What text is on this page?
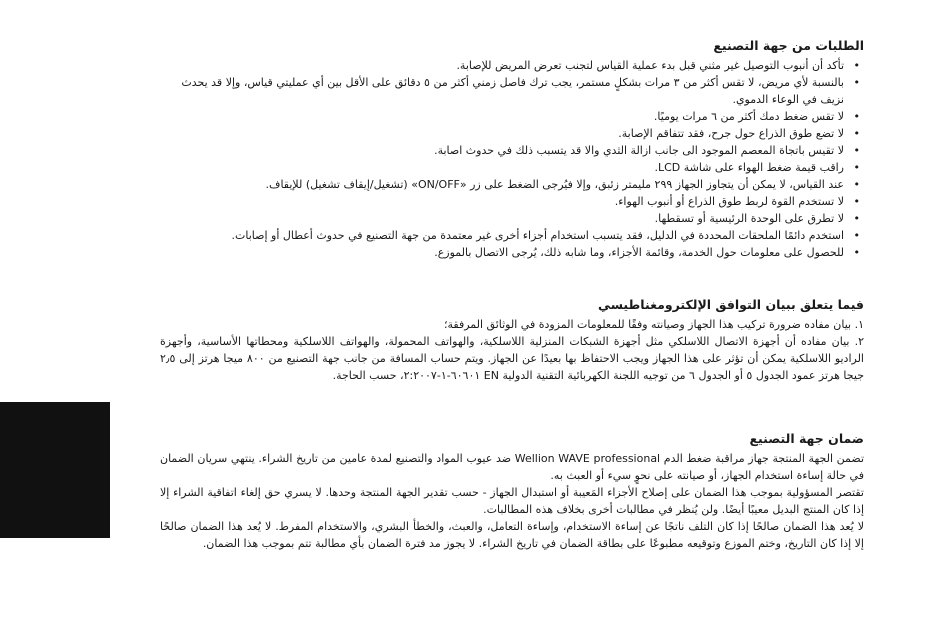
الطلبات من جهة التصنيع
• تأكد أن أنبوب التوصيل غير مثني قبل بدء عملية القياس لتجنب تعرض المريض للإصابة.
• بالنسبة لأي مريض، لا تقس أكثر من ٣ مرات بشكلٍ مستمر، يجب ترك فاصل زمني أكثر من ٥ دقائق على الأقل بين أي عمليتي قياس، وإلا قد يحدث نزيف في الوعاء الدموي.
• لا تقس ضغط دمك أكثر من ٦ مرات يوميًا.
• لا تضع طوق الذراع حول جرح، فقد تتفاقم الإصابة.
• لا تقيس باتجاة المعصم الموجود الى جانب ازالة الثدي والا قد يتسبب ذلك في حدوث اصابة.
• راقب قيمة ضغط الهواء على شاشة LCD.
• عند القياس، لا يمكن أن يتجاوز الجهاز ٢٩٩ مليمتر زئبق، وإلا فيُرجى الضغط على زر «ON/OFF» (تشغيل/إيقاف تشغيل) للإيقاف.
• لا تستخدم القوة لربط طوق الذراع أو أنبوب الهواء.
• لا تطرق على الوحدة الرئيسية أو تسقطها.
• استخدم دائمًا الملحقات المحددة في الدليل، فقد يتسبب استخدام أجزاء أخرى غير معتمدة من جهة التصنيع في حدوث أعطال أو إصابات.
• للحصول على معلومات حول الخدمة، وقائمة الأجزاء، وما شابه ذلك، يُرجى الاتصال بالموزع.
فيما يتعلق ببيان التوافق الإلكترومغناطيسي

١. بيان مفاده ضرورة تركيب هذا الجهاز وصيانته وفقًا للمعلومات المزودة في الوثائق المرفقة؛

٢. بيان مفاده أن أجهزة الاتصال اللاسلكي مثل أجهزة الشبكات المنزلية اللاسلكية، والهواتف المحمولة، والهواتف اللاسلكية ومحطاتها الأساسية، وأجهزة الراديو اللاسلكية يمكن أن تؤثر على هذا الجهاز ويجب الاحتفاظ بها بعيدًا عن الجهاز. ويتم حساب المسافة من جانب جهة التصنيع من ٨٠٠ ميجا هرتز إلى ٢٫٥ جيجا هرتز عمود الجدول ٥ أو الجدول ٦ من توجيه اللجنة الكهربائية التقنية الدولية EN ٦٠٦٠١-١-٢:٢٠٠٧، حسب الحاجة.

ضمان جهة التصنيع

تضمن الجهة المنتجة جهاز مراقبة ضغط الدم Wellion WAVE professional ضد عيوب المواد والتصنيع لمدة عامين من تاريخ الشراء. ينتهي سريان الضمان في حالة إساءة استخدام الجهاز، أو صيانته على نحوٍ سيء أو العبث به.

تقتصر المسؤولية بموجب هذا الضمان على إصلاح الأجزاء المَعيبة أو استبدال الجهاز - حسب تقدير الجهة المنتجة وحدها. لا يسري حق إلغاء اتفاقية الشراء إلا إذا كان المنتج البديل معيبًا أيضًا. ولن يُنظر في مطالبات أخرى بخلاف هذه المطالبات.

لا يُعد هذا الضمان صالحًا إذا كان التلف ناتجًا عن إساءة الاستخدام، وإساءة التعامل، والعبث، والخطأ البشري، والاستخدام المفرط. لا يُعد هذا الضمان صالحًا إلا إذا كان التاريخ، وختم الموزع وتوقيعه مطبوعًا على بطاقة الضمان في تاريخ الشراء. لا يجوز مد فترة الضمان بأي مطالبة تتم بموجب هذا الضمان.
